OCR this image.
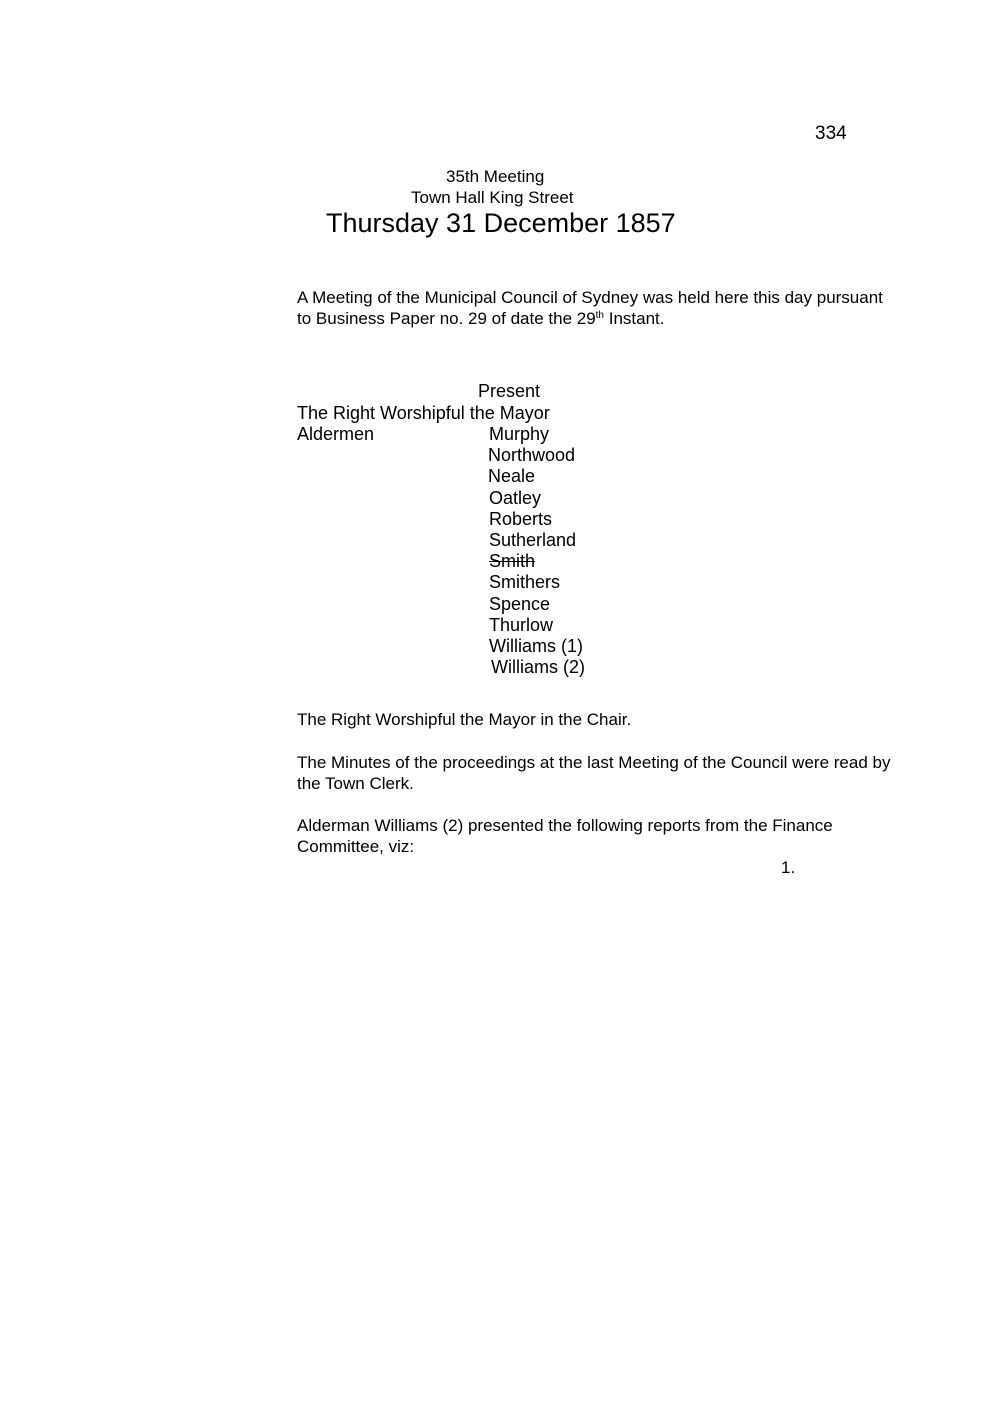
334
35th Meeting
Town Hall King Street
Thursday 31 December 1857
A Meeting of the Municipal Council of Sydney was held here this day pursuant to Business Paper no. 29 of date the 29th Instant.
Present
The Right Worshipful the Mayor
Aldermen	Murphy
Northwood
Neale
Oatley
Roberts
Sutherland
Smith
Smithers
Spence
Thurlow
Williams (1)
Williams (2)
The Right Worshipful the Mayor in the Chair.
The Minutes of the proceedings at the last Meeting of the Council were read by the Town Clerk.
Alderman Williams (2) presented the following reports from the Finance Committee, viz:
1.
